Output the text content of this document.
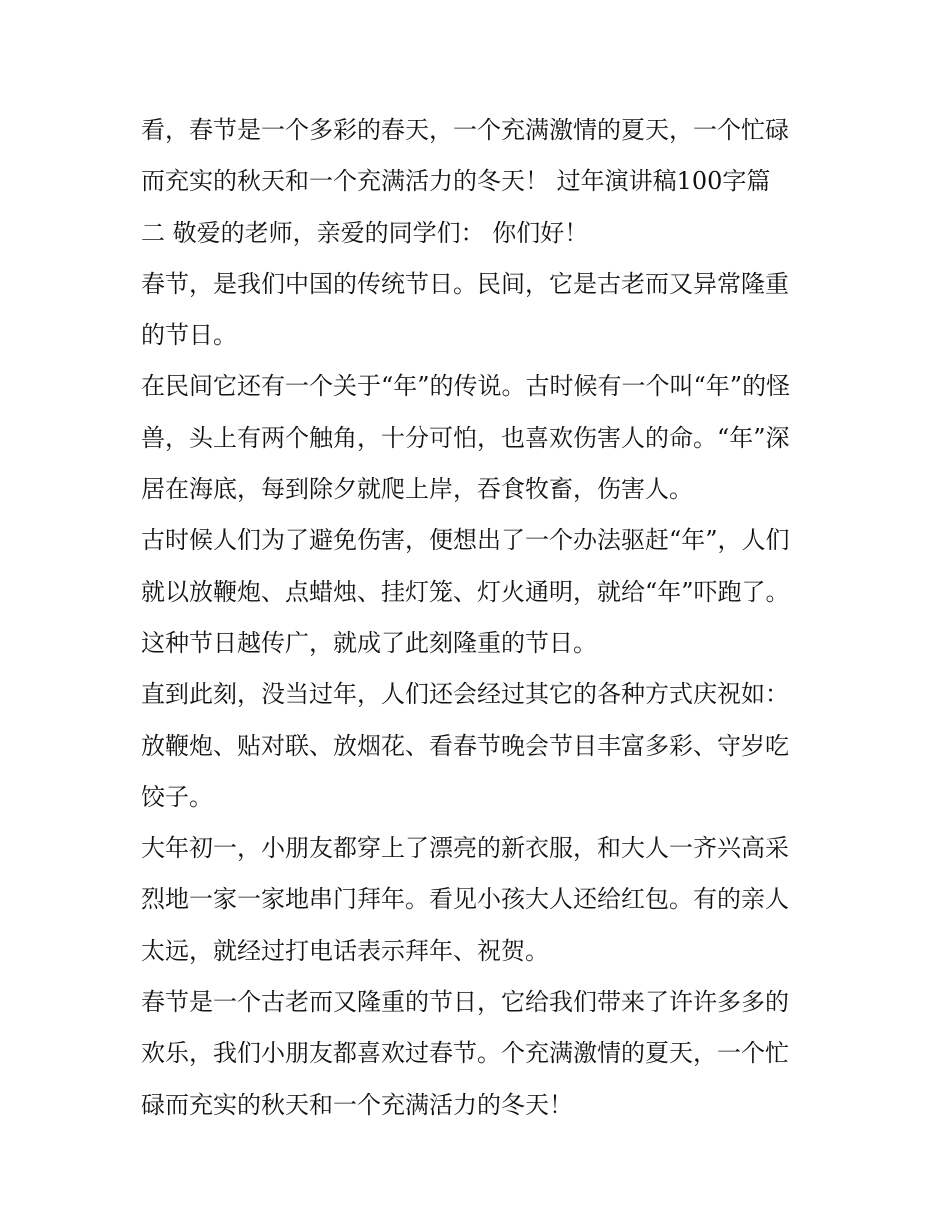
看，春节是一个多彩的春天，一个充满激情的夏天，一个忙碌
而充实的秋天和一个充满活力的冬天！ 过年演讲稿100字篇
二 敬爱的老师，亲爱的同学们： 你们好！
春节，是我们中国的传统节日。民间，它是古老而又异常隆重
的节日。
在民间它还有一个关于“年”的传说。古时候有一个叫“年”的怪
兽，头上有两个触角，十分可怕，也喜欢伤害人的命。“年”深
居在海底，每到除夕就爬上岸，吞食牧畜，伤害人。
古时候人们为了避免伤害，便想出了一个办法驱赶“年”，人们
就以放鞭炮、点蜡烛、挂灯笼、灯火通明，就给“年”吓跑了。
这种节日越传广，就成了此刻隆重的节日。
直到此刻，没当过年，人们还会经过其它的各种方式庆祝如：
放鞭炮、贴对联、放烟花、看春节晚会节目丰富多彩、守岁吃
饺子。
大年初一，小朋友都穿上了漂亮的新衣服，和大人一齐兴高采
烈地一家一家地串门拜年。看见小孩大人还给红包。有的亲人
太远，就经过打电话表示拜年、祝贺。
春节是一个古老而又隆重的节日，它给我们带来了许许多多的
欢乐，我们小朋友都喜欢过春节。个充满激情的夏天，一个忙
碌而充实的秋天和一个充满活力的冬天！
